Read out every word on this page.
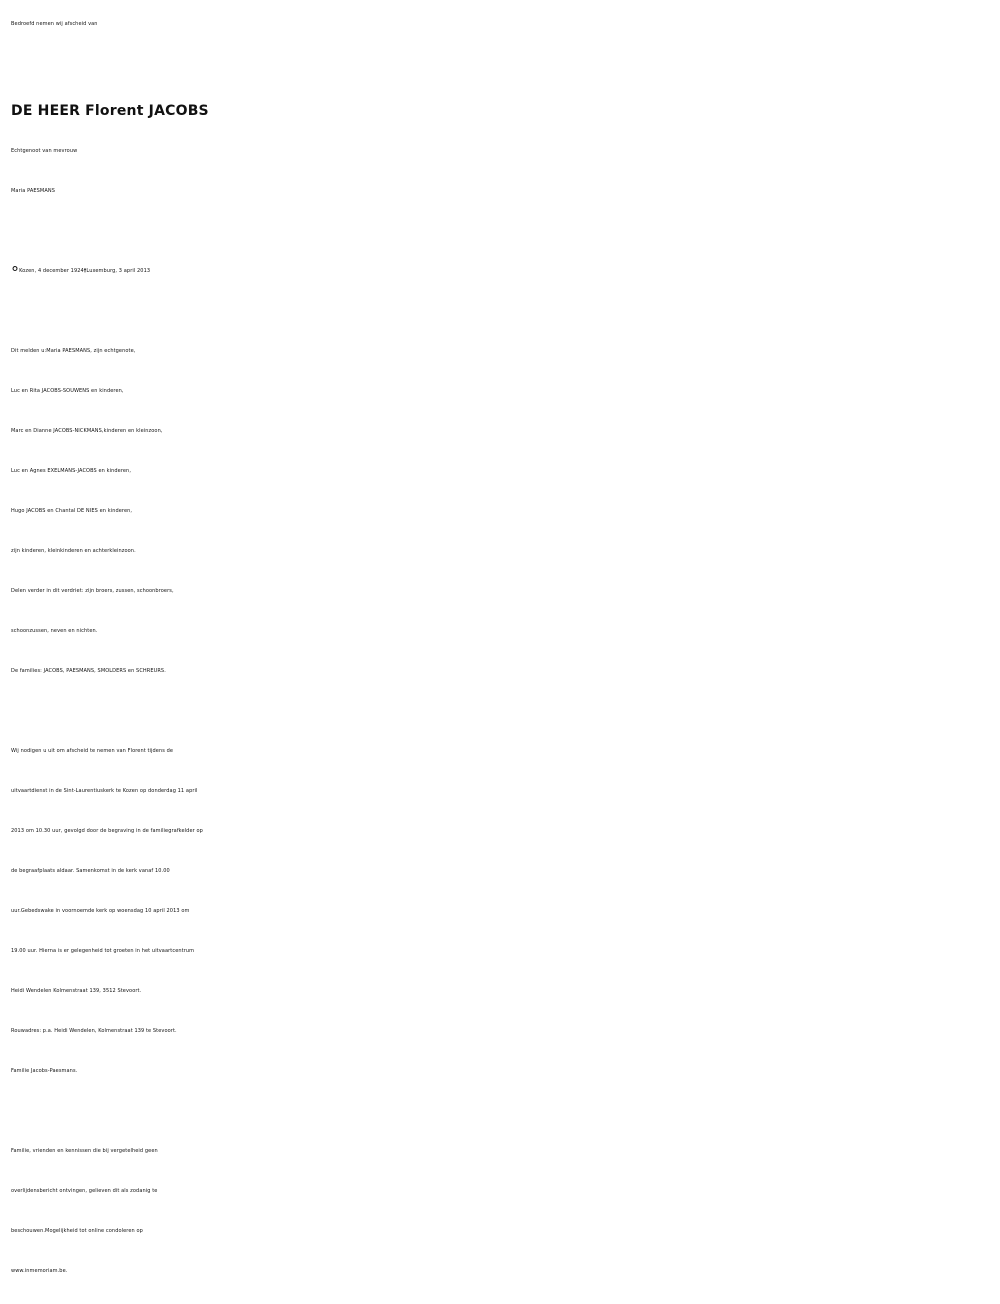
Bedroefd nemen wij afscheid van
DE HEER Florent JACOBS
Echtgenoot van mevrouw
Maria PAESMANS
°Kozen, 4 december 1924†Luxemburg, 3 april 2013
Dit melden u:Maria PAESMANS, zijn echtgenote,
Luc en Rita JACOBS-SOUWENS en kinderen,
Marc en Dianne JACOBS-NICKMANS,kinderen en kleinzoon,
Luc en Agnes EXELMANS-JACOBS en kinderen,
Hugo JACOBS en Chantal DE NIES en kinderen,
zijn kinderen, kleinkinderen en achterkleinzoon.
Delen verder in dit verdriet: zijn broers, zussen, schoonbroers,
schoonzussen, neven en nichten.
De families: JACOBS, PAESMANS, SMOLDERS en SCHREURS.
Wij nodigen u uit om afscheid te nemen van Florent tijdens de
uitvaartdienst in de Sint-Laurentiuskerk te Kozen op donderdag 11 april
2013 om 10.30 uur, gevolgd door de begraving in de familiegrafkelder op
de begraafplaats aldaar. Samenkomst in de kerk vanaf 10.00
uur.Gebedswake in voornoemde kerk op woensdag 10 april 2013 om
19.00 uur. Hierna is er gelegenheid tot groeten in het uitvaartcentrum
Heidi Wendelen Kolmenstraat 139, 3512 Stevoort.
Rouwadres: p.a. Heidi Wendelen, Kolmenstraat 139 te Stevoort.
Familie Jacobs-Paesmans.
Familie, vrienden en kennissen die bij vergetelheid geen
overlijdensbericht ontvingen, gelieven dit als zodanig te
beschouwen.Mogelijkheid tot online condoleren op
www.inmemoriam.be.
